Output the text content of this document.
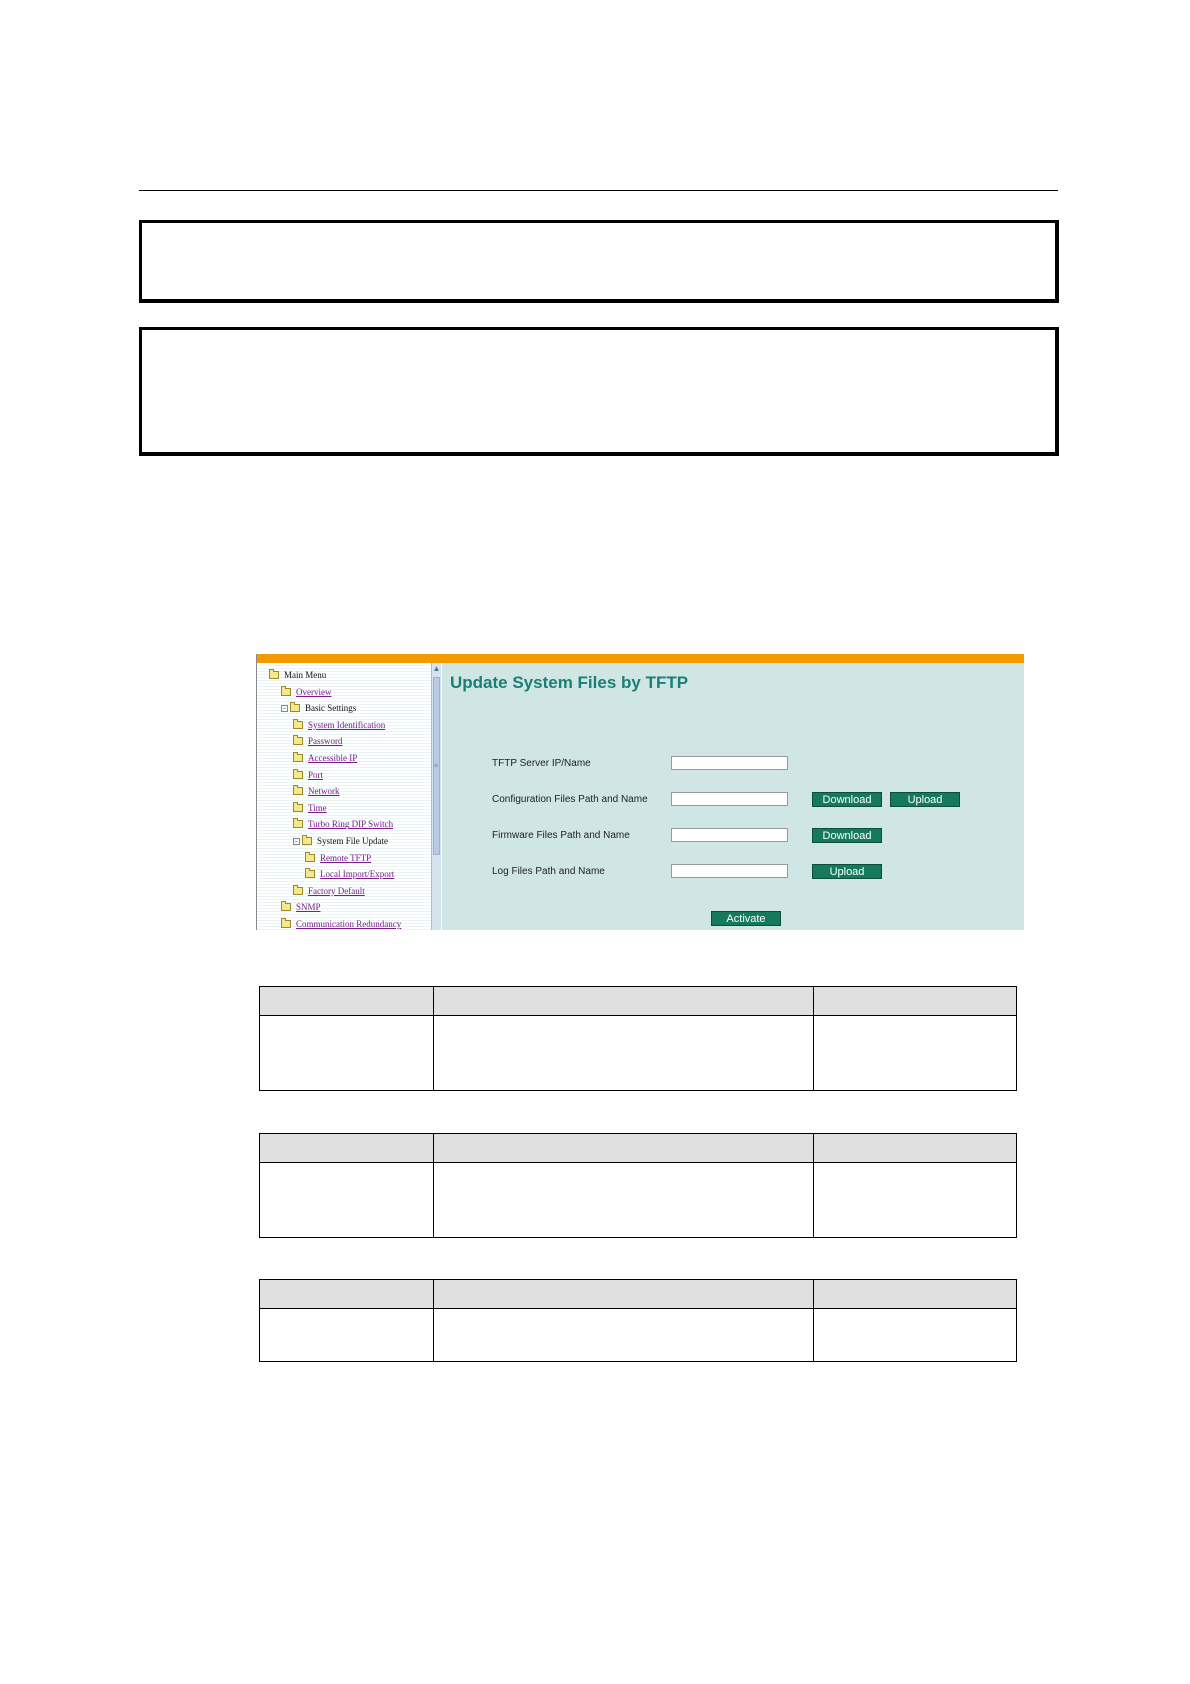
Main Menu
Overview
− Basic Settings
System Identification
Password
Accessible IP
Port
Network
Time
Turbo Ring DIP Switch
− System File Update
Remote TFTP
Local Import/Export
Factory Default
SNMP
Communication Redundancy
▲
≡
Update System Files by TFTP
TFTP Server IP/Name
Configuration Files Path and Name	Download	Upload
Firmware Files Path and Name	Download
Log Files Path and Name	Upload
Activate
